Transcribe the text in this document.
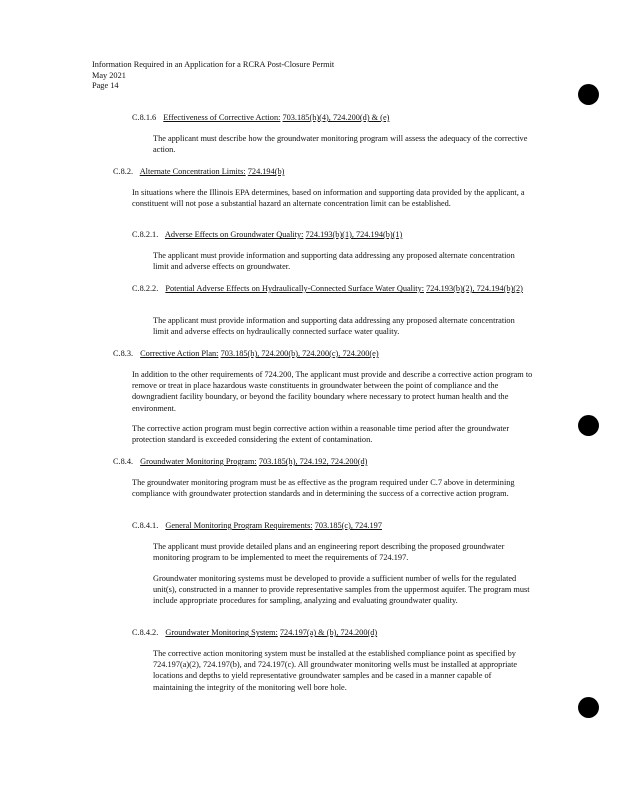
Information Required in an Application for a RCRA Post-Closure Permit
May 2021
Page 14
C.8.1.6 Effectiveness of Corrective Action: 703.185(h)(4), 724.200(d) & (e)
The applicant must describe how the groundwater monitoring program will assess the adequacy of the corrective action.
C.8.2. Alternate Concentration Limits: 724.194(b)
In situations where the Illinois EPA determines, based on information and supporting data provided by the applicant, a constituent will not pose a substantial hazard an alternate concentration limit can be established.
C.8.2.1. Adverse Effects on Groundwater Quality: 724.193(b)(1), 724.194(b)(1)
The applicant must provide information and supporting data addressing any proposed alternate concentration limit and adverse effects on groundwater.
C.8.2.2. Potential Adverse Effects on Hydraulically-Connected Surface Water Quality: 724.193(b)(2), 724.194(b)(2)
The applicant must provide information and supporting data addressing any proposed alternate concentration limit and adverse effects on hydraulically connected surface water quality.
C.8.3. Corrective Action Plan: 703.185(h), 724.200(b), 724.200(c), 724.200(e)
In addition to the other requirements of 724.200, The applicant must provide and describe a corrective action program to remove or treat in place hazardous waste constituents in groundwater between the point of compliance and the downgradient facility boundary, or beyond the facility boundary where necessary to protect human health and the environment.
The corrective action program must begin corrective action within a reasonable time period after the groundwater protection standard is exceeded considering the extent of contamination.
C.8.4. Groundwater Monitoring Program: 703.185(h), 724.192, 724.200(d)
The groundwater monitoring program must be as effective as the program required under C.7 above in determining compliance with groundwater protection standards and in determining the success of a corrective action program.
C.8.4.1. General Monitoring Program Requirements: 703.185(c), 724.197
The applicant must provide detailed plans and an engineering report describing the proposed groundwater monitoring program to be implemented to meet the requirements of 724.197.
Groundwater monitoring systems must be developed to provide a sufficient number of wells for the regulated unit(s), constructed in a manner to provide representative samples from the uppermost aquifer. The program must include appropriate procedures for sampling, analyzing and evaluating groundwater quality.
C.8.4.2. Groundwater Monitoring System: 724.197(a) & (b), 724.200(d)
The corrective action monitoring system must be installed at the established compliance point as specified by 724.197(a)(2), 724.197(b), and 724.197(c). All groundwater monitoring wells must be installed at appropriate locations and depths to yield representative groundwater samples and be cased in a manner capable of maintaining the integrity of the monitoring well bore hole.
